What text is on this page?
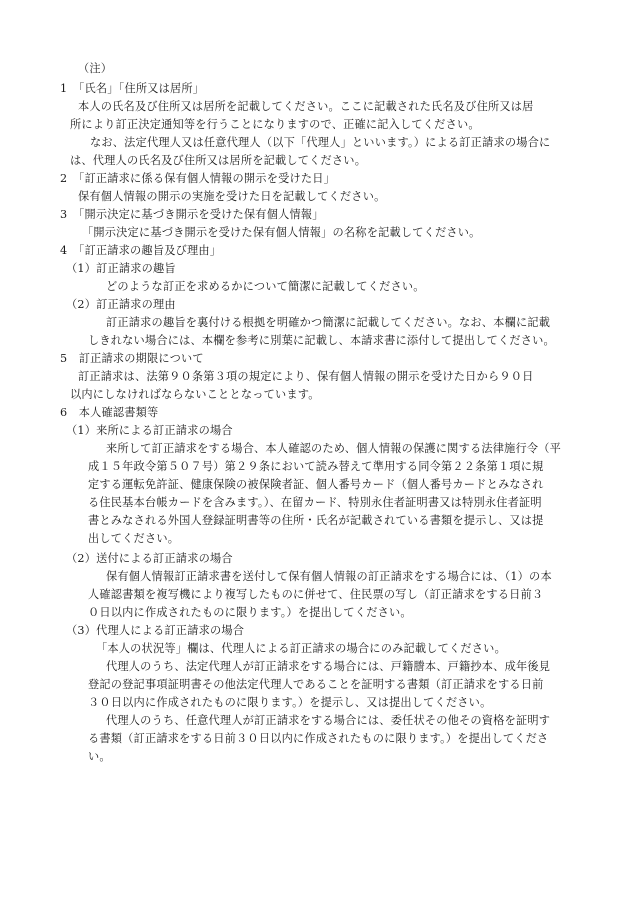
（注）
1　「氏名」「住所又は居所」
本人の氏名及び住所又は居所を記載してください。ここに記載された氏名及び住所又は居
所により訂正決定通知等を行うことになりますので、正確に記入してください。
なお、法定代理人又は任意代理人（以下「代理人」といいます。）による訂正請求の場合に
は、代理人の氏名及び住所又は居所を記載してください。
2　「訂正請求に係る保有個人情報の開示を受けた日」
保有個人情報の開示の実施を受けた日を記載してください。
3　「開示決定に基づき開示を受けた保有個人情報」
「開示決定に基づき開示を受けた保有個人情報」の名称を記載してください。
4　「訂正請求の趣旨及び理由」
（1）訂正請求の趣旨
どのような訂正を求めるかについて簡潔に記載してください。
（2）訂正請求の理由
訂正請求の趣旨を裏付ける根拠を明確かつ簡潔に記載してください。なお、本欄に記載
しきれない場合には、本欄を参考に別葉に記載し、本請求書に添付して提出してください。
5　訂正請求の期限について
訂正請求は、法第９０条第３項の規定により、保有個人情報の開示を受けた日から９０日
以内にしなければならないこととなっています。
6　本人確認書類等
（1）来所による訂正請求の場合
来所して訂正請求をする場合、本人確認のため、個人情報の保護に関する法律施行令（平
成１５年政令第５０７号）第２９条において読み替えて準用する同令第２２条第１項に規
定する運転免許証、健康保険の被保険者証、個人番号カード（個人番号カードとみなされ
る住民基本台帳カードを含みます。）、在留カード、特別永住者証明書又は特別永住者証明
書とみなされる外国人登録証明書等の住所・氏名が記載されている書類を提示し、又は提
出してください。
（2）送付による訂正請求の場合
保有個人情報訂正請求書を送付して保有個人情報の訂正請求をする場合には、（1）の本
人確認書類を複写機により複写したものに併せて、住民票の写し（訂正請求をする日前３
０日以内に作成されたものに限ります。）を提出してください。
（3）代理人による訂正請求の場合
「本人の状況等」欄は、代理人による訂正請求の場合にのみ記載してください。
代理人のうち、法定代理人が訂正請求をする場合には、戸籍謄本、戸籍抄本、成年後見
登記の登記事項証明書その他法定代理人であることを証明する書類（訂正請求をする日前
３０日以内に作成されたものに限ります。）を提示し、又は提出してください。
代理人のうち、任意代理人が訂正請求をする場合には、委任状その他その資格を証明す
る書類（訂正請求をする日前３０日以内に作成されたものに限ります。）を提出してくださ
い。
